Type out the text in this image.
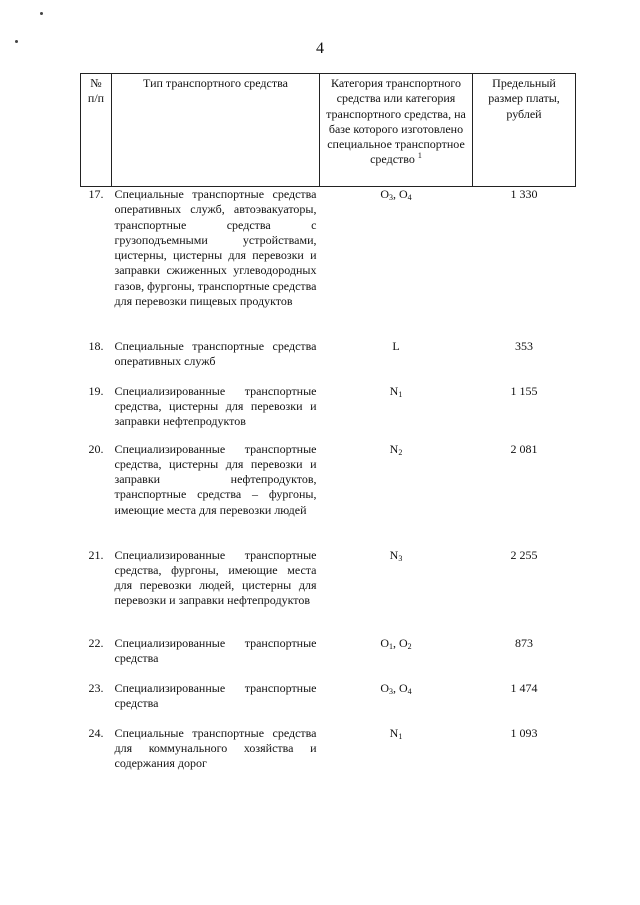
4
№ п/п	Тип транспортного средства	Категория транспортного средства или категория транспортного средства, на базе которого изготовлено специальное транспортное средство $^1$	Предельный размер платы, рублей
17.	Специальные транспортные средства оперативных служб, автоэвакуаторы, транспортные средства с грузоподъемными устройствами, цистерны, цистерны для перевозки и заправки сжиженных углеводородных газов, фургоны, транспортные средства для перевозки пищевых продуктов	$O_3$, $O_4$	1 330
18.	Специальные транспортные средства оперативных служб	L	353
19.	Специализированные транспортные средства, цистерны для перевозки и заправки нефтепродуктов	$N_1$	1 155
20.	Специализированные транспортные средства, цистерны для перевозки и заправки нефтепродуктов, транспортные средства – фургоны, имеющие места для перевозки людей	$N_2$	2 081
21.	Специализированные транспортные средства, фургоны, имеющие места для перевозки людей, цистерны для перевозки и заправки нефтепродуктов	$N_3$	2 255
22.	Специализированные транспортные средства	$O_1$, $O_2$	873
23.	Специализированные транспортные средства	$O_3$, $O_4$	1 474
24.	Специальные транспортные средства для коммунального хозяйства и содержания дорог	$N_1$	1 093
